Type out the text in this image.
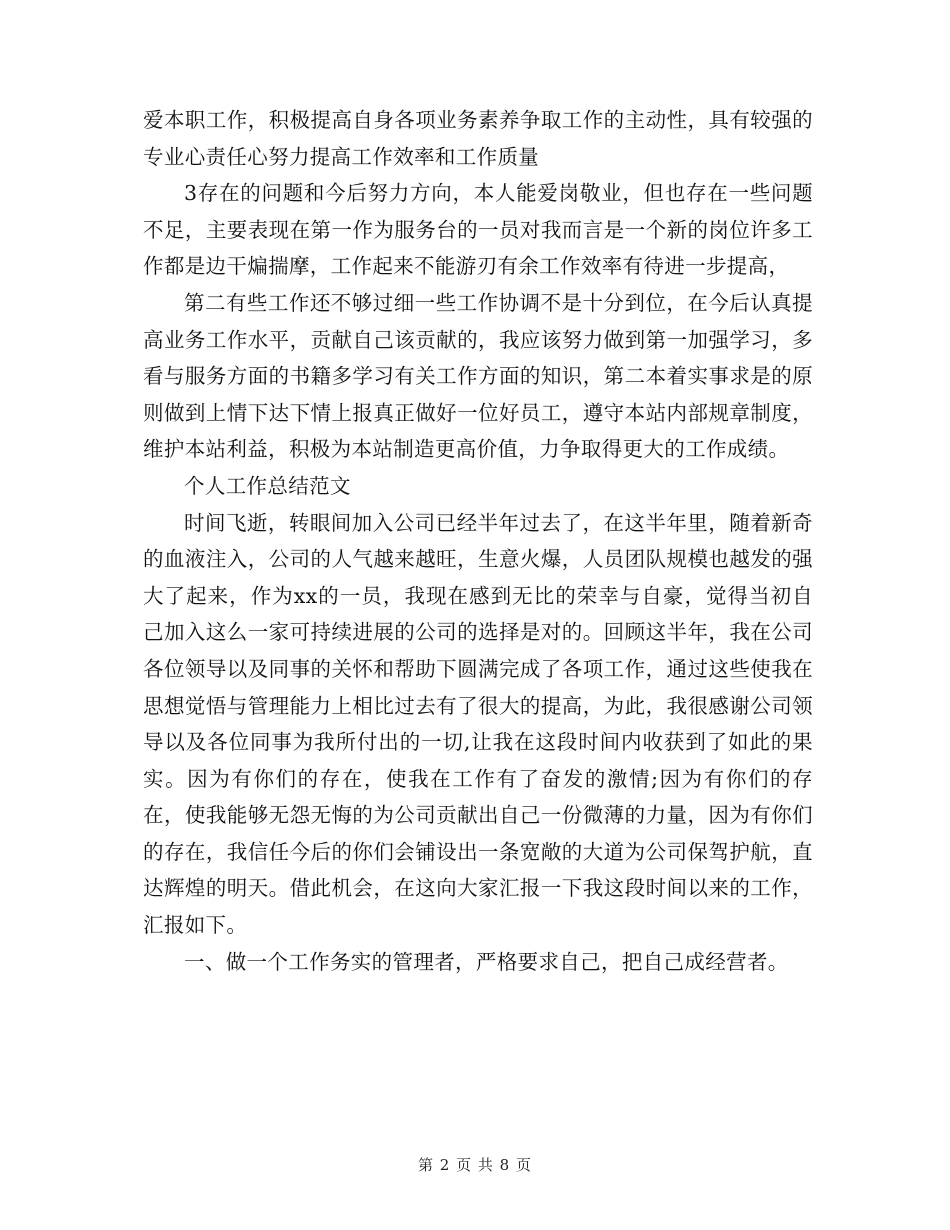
爱本职工作，积极提高自身各项业务素养争取工作的主动性，具有较强的专业心责任心努力提高工作效率和工作质量

3存在的问题和今后努力方向，本人能爱岗敬业，但也存在一些问题不足，主要表现在第一作为服务台的一员对我而言是一个新的岗位许多工作都是边干煸揣摩，工作起来不能游刃有余工作效率有待进一步提高，

第二有些工作还不够过细一些工作协调不是十分到位，在今后认真提高业务工作水平，贡献自己该贡献的，我应该努力做到第一加强学习，多看与服务方面的书籍多学习有关工作方面的知识，第二本着实事求是的原则做到上情下达下情上报真正做好一位好员工，遵守本站内部规章制度，维护本站利益，积极为本站制造更高价值，力争取得更大的工作成绩。

个人工作总结范文

时间飞逝，转眼间加入公司已经半年过去了，在这半年里，随着新奇的血液注入，公司的人气越来越旺，生意火爆，人员团队规模也越发的强大了起来，作为xx的一员，我现在感到无比的荣幸与自豪，觉得当初自己加入这么一家可持续进展的公司的选择是对的。回顾这半年，我在公司各位领导以及同事的关怀和帮助下圆满完成了各项工作，通过这些使我在思想觉悟与管理能力上相比过去有了很大的提高，为此，我很感谢公司领导以及各位同事为我所付出的一切,让我在这段时间内收获到了如此的果实。因为有你们的存在，使我在工作有了奋发的激情;因为有你们的存在，使我能够无怨无悔的为公司贡献出自己一份微薄的力量，因为有你们的存在，我信任今后的你们会铺设出一条宽敞的大道为公司保驾护航，直达辉煌的明天。借此机会，在这向大家汇报一下我这段时间以来的工作，汇报如下。

一、做一个工作务实的管理者，严格要求自己，把自己成经营者。

第 2 页 共 8 页
